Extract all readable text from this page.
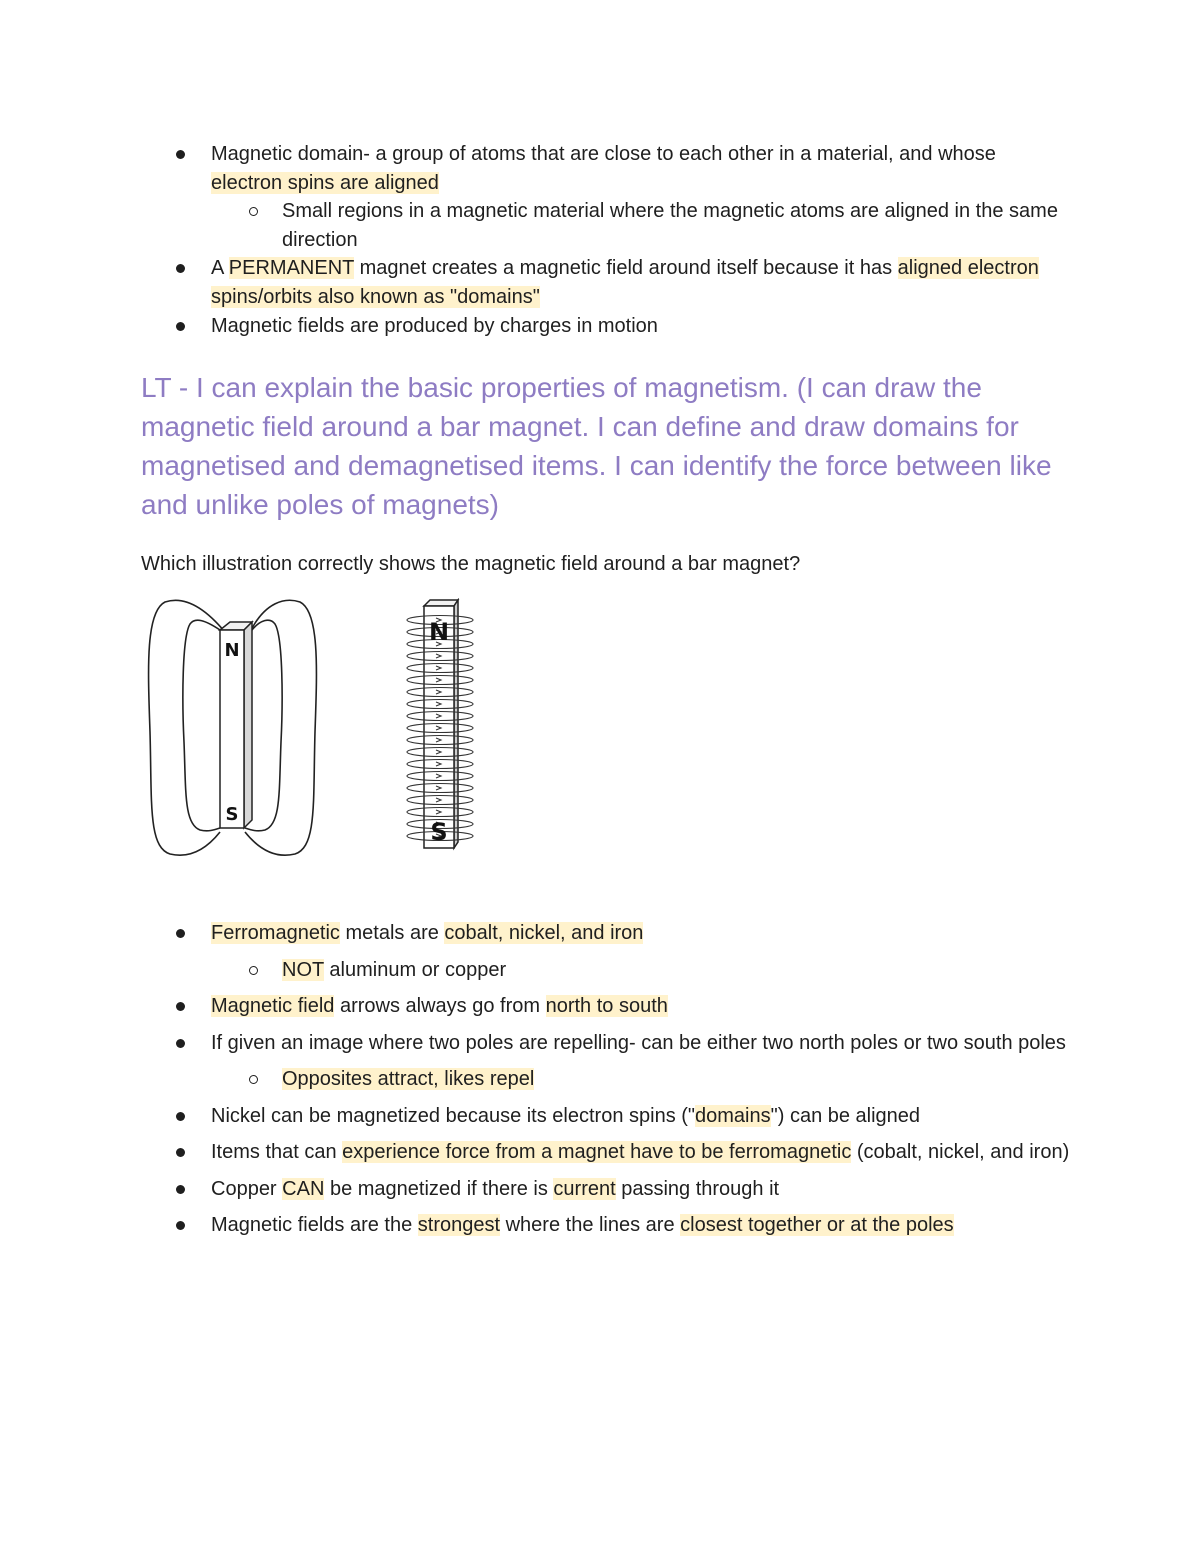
Magnetic domain- a group of atoms that are close to each other in a material, and whose electron spins are aligned
Small regions in a magnetic material where the magnetic atoms are aligned in the same direction
A PERMANENT magnet creates a magnetic field around itself because it has aligned electron spins/orbits also known as "domains"
Magnetic fields are produced by charges in motion
LT - I can explain the basic properties of magnetism. (I can draw the magnetic field around a bar magnet. I can define and draw domains for magnetised and demagnetised items. I can identify the force between like and unlike poles of magnets)
Which illustration correctly shows the magnetic field around a bar magnet?
N
S
N
S
Ferromagnetic metals are cobalt, nickel, and iron
NOT aluminum or copper
Magnetic field arrows always go from north to south
If given an image where two poles are repelling- can be either two north poles or two south poles
Opposites attract, likes repel
Nickel can be magnetized because its electron spins ("domains") can be aligned
Items that can experience force from a magnet have to be ferromagnetic (cobalt, nickel, and iron)
Copper CAN be magnetized if there is current passing through it
Magnetic fields are the strongest where the lines are closest together or at the poles
